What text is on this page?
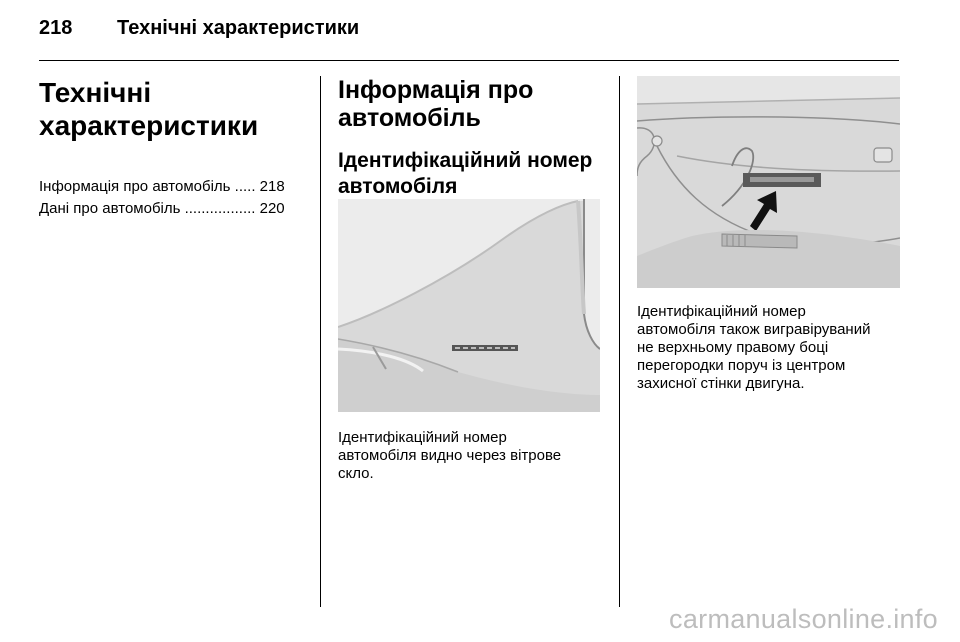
218	Технічні характеристики
Технічні
характеристики
Інформація про автомобіль ..... 218
Дані про автомобіль ................. 220
Інформація про автомобіль
Ідентифікаційний номер автомобіля
Ідентифікаційний номер
автомобіля видно через вітрове
скло.
Ідентифікаційний номер
автомобіля також вигравіруваний
не верхньому правому боці
перегородки поруч із центром
захисної стінки двигуна.
carmanualsonline.info
